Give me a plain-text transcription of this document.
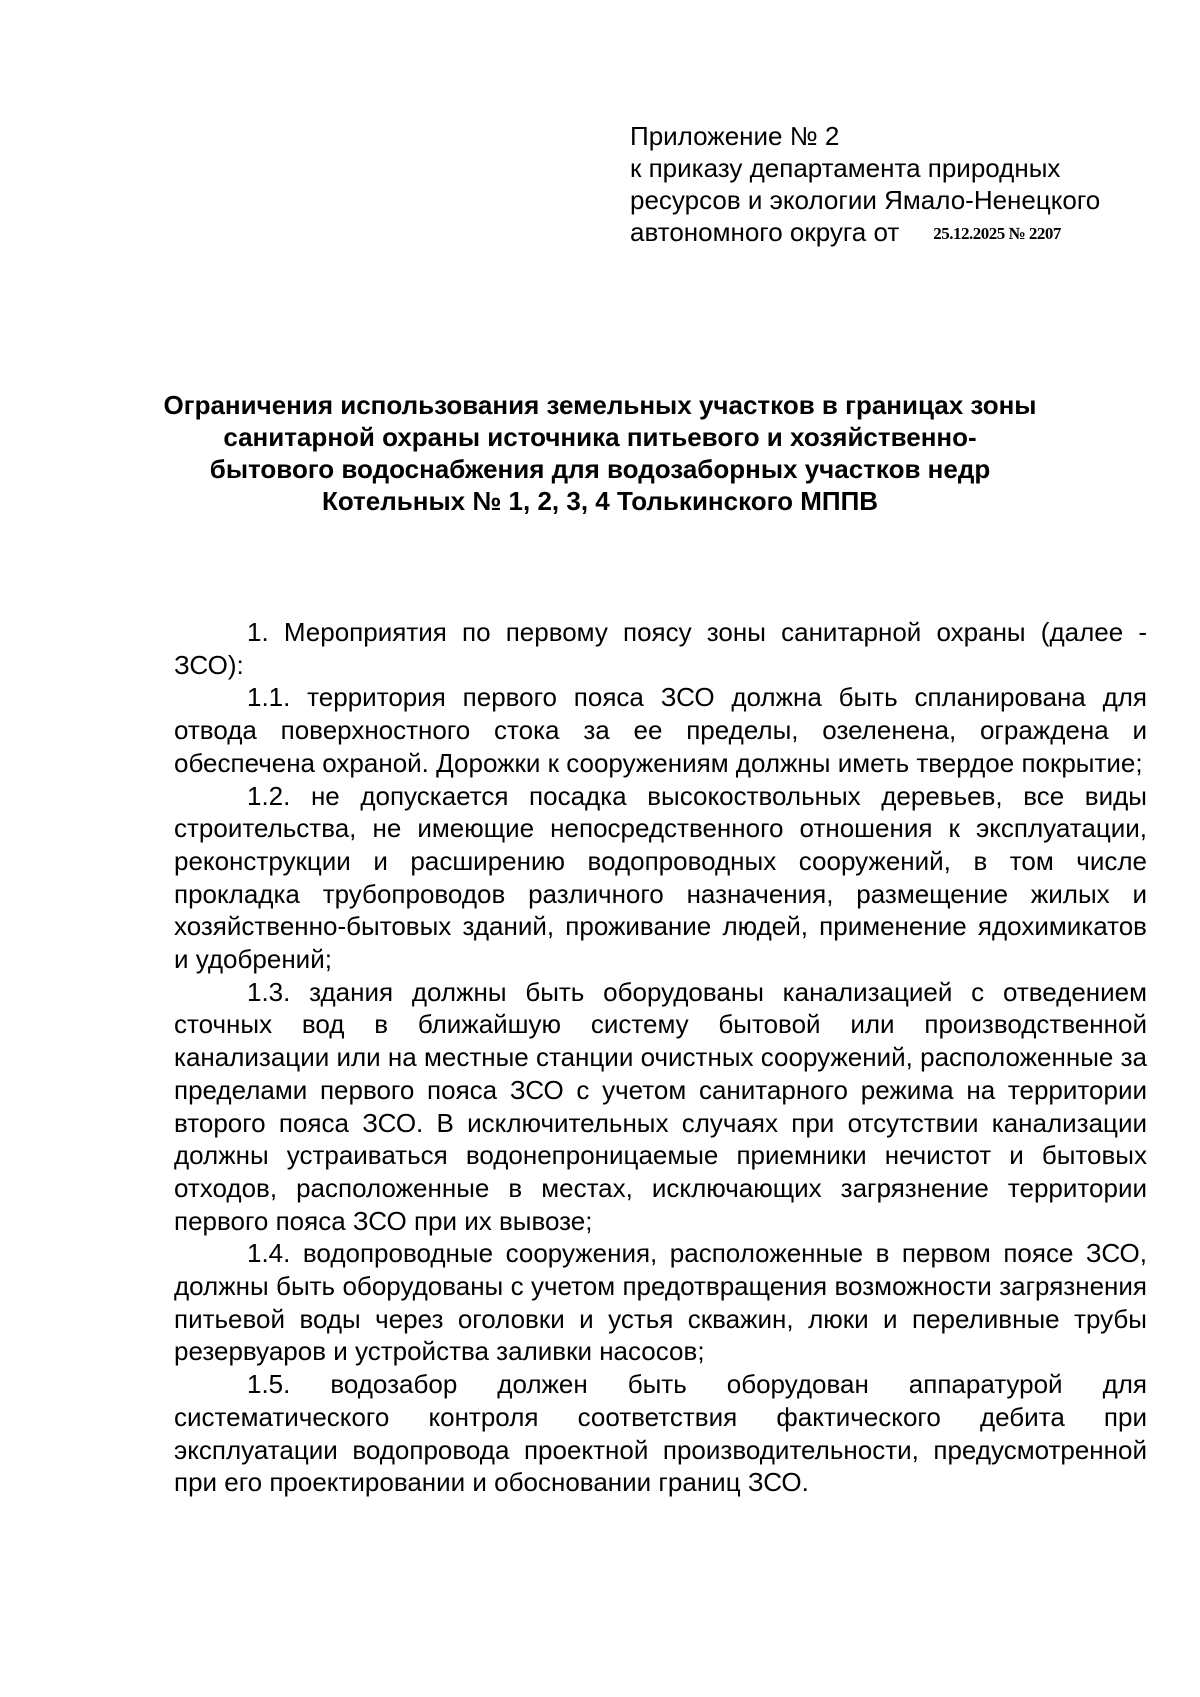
Приложение № 2
к приказу департамента природных
ресурсов и экологии Ямало-Ненецкого
автономного округа от 25.12.2025 № 2207
Ограничения использования земельных участков в границах зоны
санитарной охраны источника питьевого и хозяйственно-
бытового водоснабжения для водозаборных участков недр
Котельных № 1, 2, 3, 4 Толькинского МППВ

1. Мероприятия по первому поясу зоны санитарной охраны (далее - ЗСО):

1.1. территория первого пояса ЗСО должна быть спланирована для отвода поверхностного стока за ее пределы, озеленена, ограждена и обеспечена охраной. Дорожки к сооружениям должны иметь твердое покрытие;

1.2. не допускается посадка высокоствольных деревьев, все виды строительства, не имеющие непосредственного отношения к эксплуатации, реконструкции и расширению водопроводных сооружений, в том числе прокладка трубопроводов различного назначения, размещение жилых и хозяйственно-бытовых зданий, проживание людей, применение ядохимикатов и удобрений;

1.3. здания должны быть оборудованы канализацией с отведением сточных вод в ближайшую систему бытовой или производственной канализации или на местные станции очистных сооружений, расположенные за пределами первого пояса ЗСО с учетом санитарного режима на территории второго пояса ЗСО. В исключительных случаях при отсутствии канализации должны устраиваться водонепроницаемые приемники нечистот и бытовых отходов, расположенные в местах, исключающих загрязнение территории первого пояса ЗСО при их вывозе;

1.4. водопроводные сооружения, расположенные в первом поясе ЗСО, должны быть оборудованы с учетом предотвращения возможности загрязнения питьевой воды через оголовки и устья скважин, люки и переливные трубы резервуаров и устройства заливки насосов;

1.5. водозабор должен быть оборудован аппаратурой для систематического контроля соответствия фактического дебита при эксплуатации водопровода проектной производительности, предусмотренной при его проектировании и обосновании границ ЗСО.
